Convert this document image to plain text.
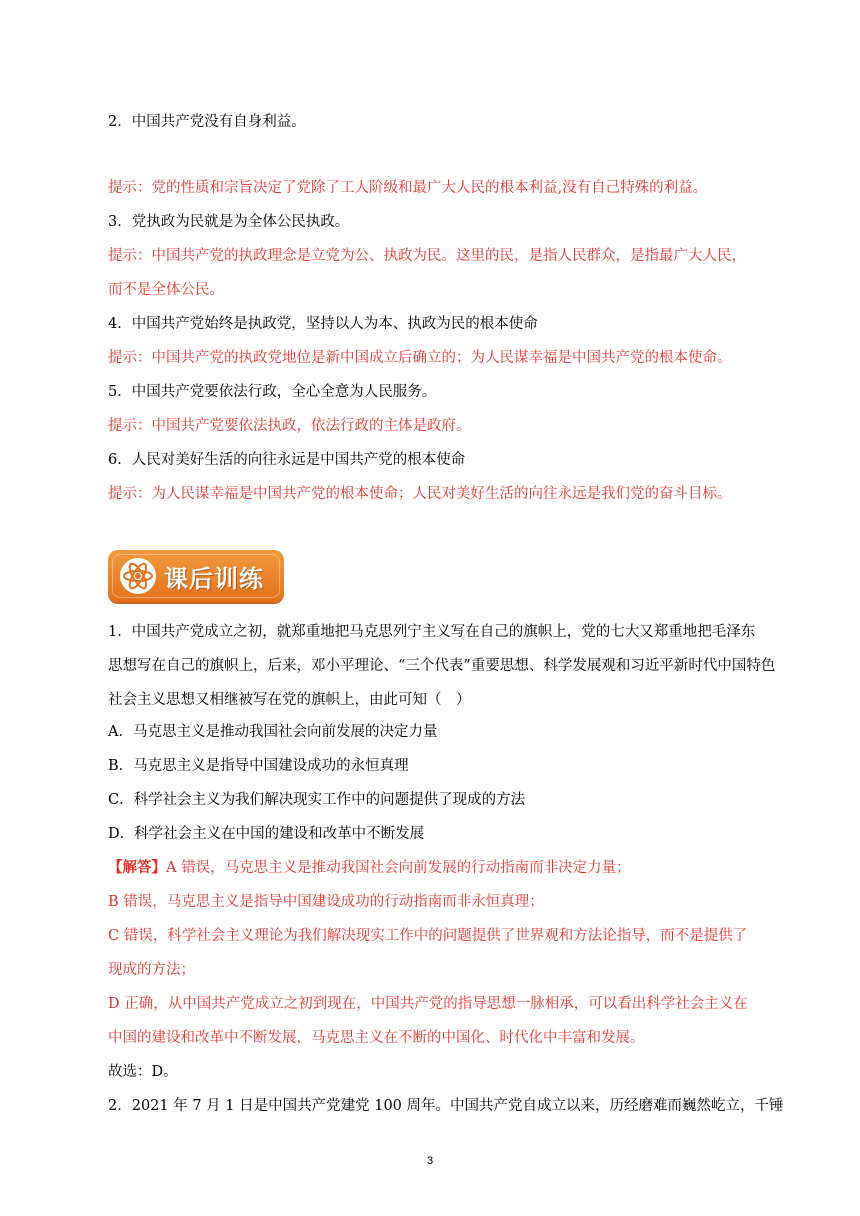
2．中国共产党没有自身利益。
提示：党的性质和宗旨决定了党除了工人阶级和最广大人民的根本利益,没有自己特殊的利益。
3．党执政为民就是为全体公民执政。
提示：中国共产党的执政理念是立党为公、执政为民。这里的民，是指人民群众，是指最广大人民，
而不是全体公民。
4．中国共产党始终是执政党，坚持以人为本、执政为民的根本使命
提示：中国共产党的执政党地位是新中国成立后确立的；为人民谋幸福是中国共产党的根本使命。
5．中国共产党要依法行政，全心全意为人民服务。
提示：中国共产党要依法执政，依法行政的主体是政府。
6．人民对美好生活的向往永远是中国共产党的根本使命
提示：为人民谋幸福是中国共产党的根本使命；人民对美好生活的向往永远是我们党的奋斗目标。
课后训练
1．中国共产党成立之初，就郑重地把马克思列宁主义写在自己的旗帜上，党的七大又郑重地把毛泽东
思想写在自己的旗帜上，后来，邓小平理论、“三个代表”重要思想、科学发展观和习近平新时代中国特色
社会主义思想又相继被写在党的旗帜上，由此可知（　）
A．马克思主义是推动我国社会向前发展的决定力量
B．马克思主义是指导中国建设成功的永恒真理
C．科学社会主义为我们解决现实工作中的问题提供了现成的方法
D．科学社会主义在中国的建设和改革中不断发展
【解答】A 错误，马克思主义是推动我国社会向前发展的行动指南而非决定力量；
B 错误，马克思主义是指导中国建设成功的行动指南而非永恒真理；
C 错误，科学社会主义理论为我们解决现实工作中的问题提供了世界观和方法论指导，而不是提供了
现成的方法；
D 正确，从中国共产党成立之初到现在，中国共产党的指导思想一脉相承，可以看出科学社会主义在
中国的建设和改革中不断发展，马克思主义在不断的中国化、时代化中丰富和发展。
故选：D。
2．2021 年 7 月 1 日是中国共产党建党 100 周年。中国共产党自成立以来，历经磨难而巍然屹立，千锤
3
